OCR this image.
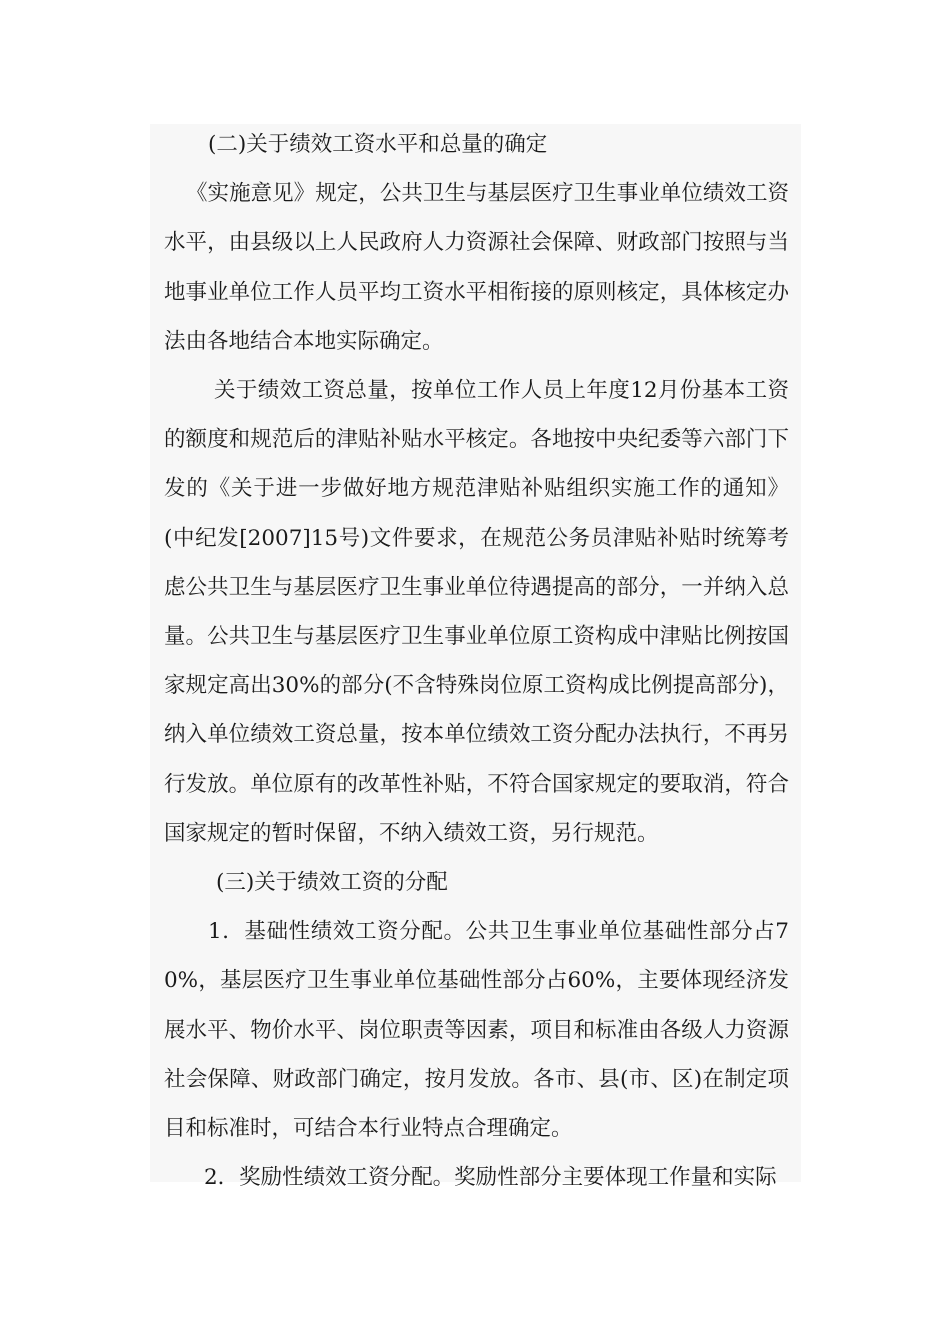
(二)关于绩效工资水平和总量的确定

《实施意见》规定，公共卫生与基层医疗卫生事业单位绩效工资水平，由县级以上人民政府人力资源社会保障、财政部门按照与当地事业单位工作人员平均工资水平相衔接的原则核定，具体核定办法由各地结合本地实际确定。

关于绩效工资总量，按单位工作人员上年度12月份基本工资的额度和规范后的津贴补贴水平核定。各地按中央纪委等六部门下发的《关于进一步做好地方规范津贴补贴组织实施工作的通知》(中纪发[2007]15号)文件要求，在规范公务员津贴补贴时统筹考虑公共卫生与基层医疗卫生事业单位待遇提高的部分，一并纳入总量。公共卫生与基层医疗卫生事业单位原工资构成中津贴比例按国家规定高出30%的部分(不含特殊岗位原工资构成比例提高部分)，纳入单位绩效工资总量，按本单位绩效工资分配办法执行，不再另行发放。单位原有的改革性补贴，不符合国家规定的要取消，符合国家规定的暂时保留，不纳入绩效工资，另行规范。

(三)关于绩效工资的分配

1．基础性绩效工资分配。公共卫生事业单位基础性部分占70%，基层医疗卫生事业单位基础性部分占60%，主要体现经济发展水平、物价水平、岗位职责等因素，项目和标准由各级人力资源社会保障、财政部门确定，按月发放。各市、县(市、区)在制定项目和标准时，可结合本行业特点合理确定。

2．奖励性绩效工资分配。奖励性部分主要体现工作量和实际
